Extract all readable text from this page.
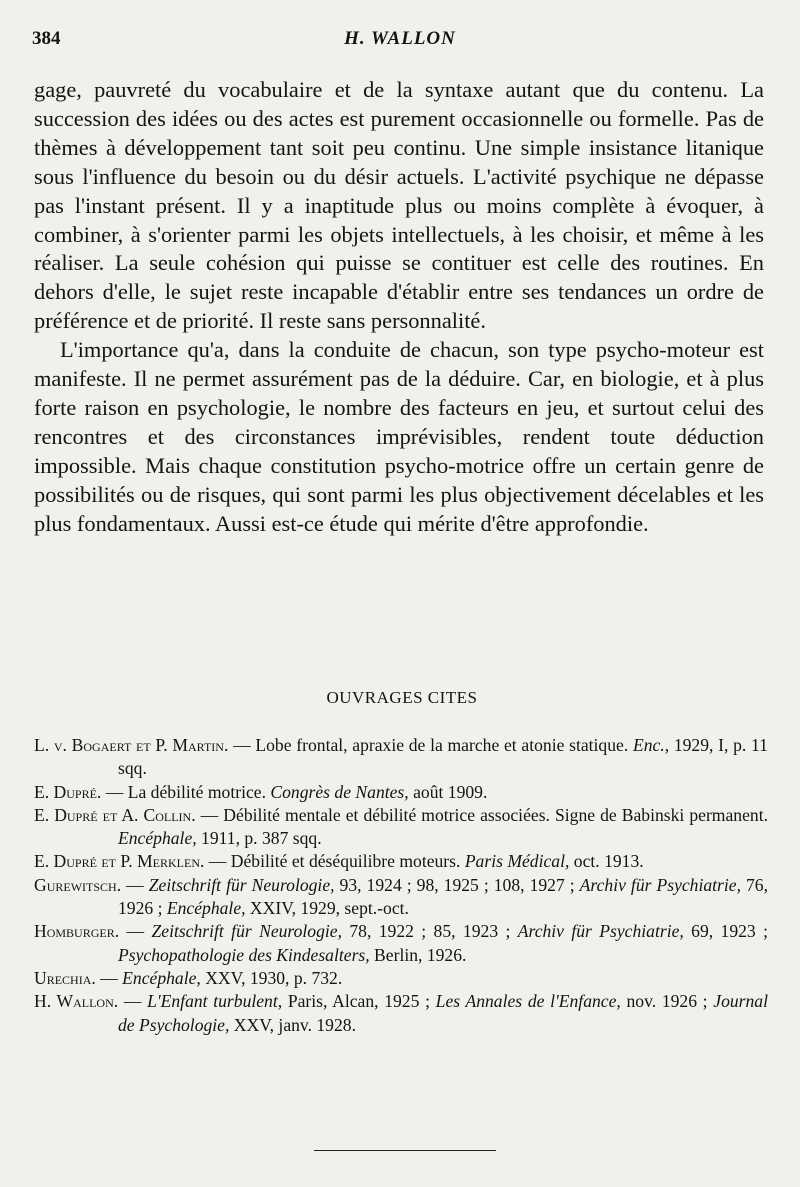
384	H. WALLON

gage, pauvreté du vocabulaire et de la syntaxe autant que du contenu. La succession des idées ou des actes est purement occasionnelle ou formelle. Pas de thèmes à développement tant soit peu continu. Une simple insistance litanique sous l'influence du besoin ou du désir actuels. L'activité psychique ne dépasse pas l'instant présent. Il y a inaptitude plus ou moins complète à évoquer, à combiner, à s'orienter parmi les objets intellectuels, à les choisir, et même à les réaliser. La seule cohésion qui puisse se contituer est celle des routines. En dehors d'elle, le sujet reste incapable d'établir entre ses tendances un ordre de préférence et de priorité. Il reste sans personnalité.

L'importance qu'a, dans la conduite de chacun, son type psycho-moteur est manifeste. Il ne permet assurément pas de la déduire. Car, en biologie, et à plus forte raison en psychologie, le nombre des facteurs en jeu, et surtout celui des rencontres et des circonstances imprévisibles, rendent toute déduction impossible. Mais chaque constitution psycho-motrice offre un certain genre de possibilités ou de risques, qui sont parmi les plus objectivement décelables et les plus fondamentaux. Aussi est-ce étude qui mérite d'être approfondie.

OUVRAGES CITES
L. v. Bogaert et P. Martin. — Lobe frontal, apraxie de la marche et atonie statique. Enc., 1929, I, p. 11 sqq.
E. Dupré. — La débilité motrice. Congrès de Nantes, août 1909.
E. Dupré et A. Collin. — Débilité mentale et débilité motrice associées. Signe de Babinski permanent. Encéphale, 1911, p. 387 sqq.
E. Dupré et P. Merklen. — Débilité et déséquilibre moteurs. Paris Médical, oct. 1913.
Gurewitsch. — Zeitschrift für Neurologie, 93, 1924 ; 98, 1925 ; 108, 1927 ; Archiv für Psychiatrie, 76, 1926 ; Encéphale, XXIV, 1929, sept.-oct.
Homburger. — Zeitschrift für Neurologie, 78, 1922 ; 85, 1923 ; Archiv für Psychiatrie, 69, 1923 ; Psychopathologie des Kindesalters, Berlin, 1926.
Urechia. — Encéphale, XXV, 1930, p. 732.
H. Wallon. — L'Enfant turbulent, Paris, Alcan, 1925 ; Les Annales de l'Enfance, nov. 1926 ; Journal de Psychologie, XXV, janv. 1928.
